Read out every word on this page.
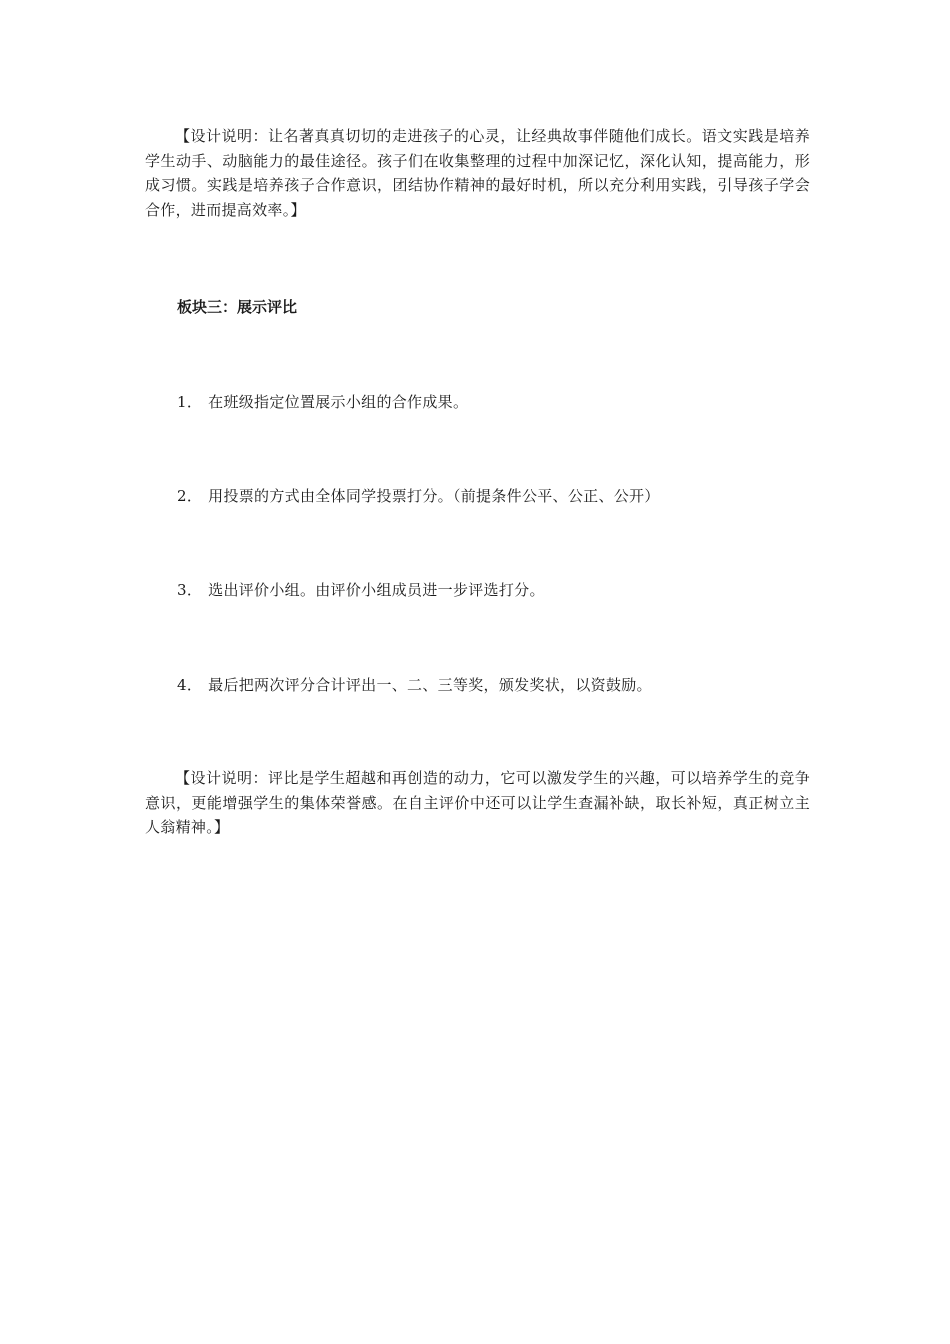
【设计说明：让名著真真切切的走进孩子的心灵，让经典故事伴随他们成长。语文实践是培养学生动手、动脑能力的最佳途径。孩子们在收集整理的过程中加深记忆，深化认知，提高能力，形成习惯。实践是培养孩子合作意识，团结协作精神的最好时机，所以充分利用实践，引导孩子学会合作，进而提高效率。】

板块三：展示评比

1． 在班级指定位置展示小组的合作成果。

2． 用投票的方式由全体同学投票打分。（前提条件公平、公正、公开）

3． 选出评价小组。由评价小组成员进一步评选打分。

4． 最后把两次评分合计评出一、二、三等奖，颁发奖状，以资鼓励。

【设计说明：评比是学生超越和再创造的动力，它可以激发学生的兴趣，可以培养学生的竞争意识，更能增强学生的集体荣誉感。在自主评价中还可以让学生查漏补缺，取长补短，真正树立主人翁精神。】
